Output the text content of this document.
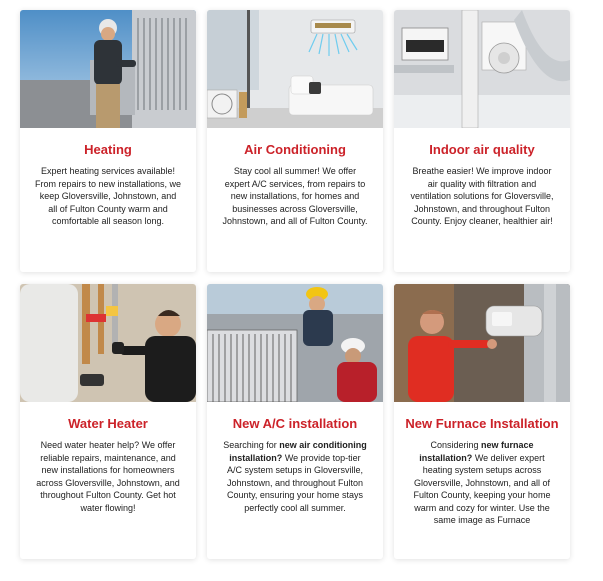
Heating
Expert heating services available! From repairs to new installations, we keep Gloversville, Johnstown, and all of Fulton County warm and comfortable all season long.
Air Conditioning
Stay cool all summer! We offer expert A/C services, from repairs to new installations, for homes and businesses across Gloversville, Johnstown, and all of Fulton County.
Indoor air quality
Breathe easier! We improve indoor air quality with filtration and ventilation solutions for Gloversville, Johnstown, and throughout Fulton County. Enjoy cleaner, healthier air!
Water Heater
Need water heater help? We offer reliable repairs, maintenance, and new installations for homeowners across Gloversville, Johnstown, and throughout Fulton County. Get hot water flowing!
New A/C installation
Searching for new air conditioning installation? We provide top-tier A/C system setups in Gloversville, Johnstown, and throughout Fulton County, ensuring your home stays perfectly cool all summer.
New Furnace Installation
Considering new furnace installation? We deliver expert heating system setups across Gloversville, Johnstown, and all of Fulton County, keeping your home warm and cozy for winter. Use the same image as Furnace
